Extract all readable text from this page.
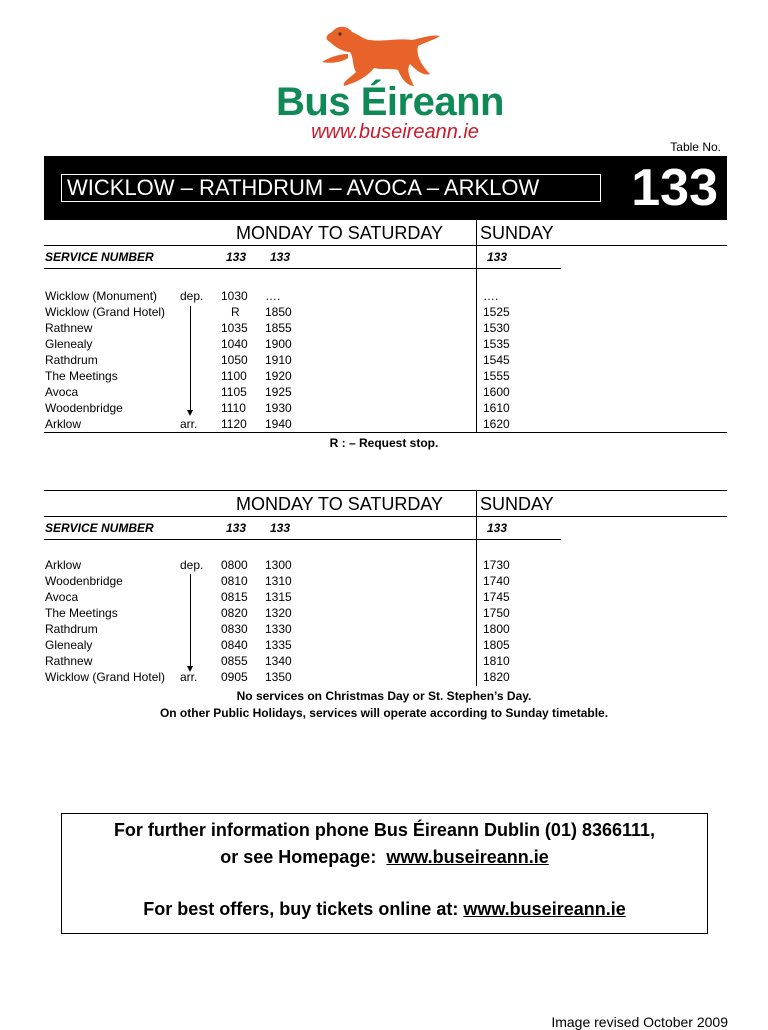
Bus Éireann
www.buseireann.ie
Table No.
WICKLOW – RATHDRUM – AVOCA – ARKLOW	133
MONDAY TO SATURDAY SUNDAY
SERVICE NUMBER	133 133	133
Wicklow (Monument) dep. 1030 ….	….
Wicklow (Grand Hotel)	R 1850	1525
Rathnew	1035 1855	1530
Glenealy	1040 1900	1535
Rathdrum	1050 1910	1545
The Meetings	1100 1920	1555
Avoca	1105 1925	1600
Woodenbridge	1110 1930	1610
Arklow	arr. 1120 1940	1620
R : – Request stop.
MONDAY TO SATURDAY SUNDAY
SERVICE NUMBER	133 133	133
Arklow	dep. 0800 1300	1730
Woodenbridge	0810 1310	1740
Avoca	0815 1315	1745
The Meetings	0820 1320	1750
Rathdrum	0830 1330	1800
Glenealy	0840 1335	1805
Rathnew	0855 1340	1810
Wicklow (Grand Hotel) arr. 0905 1350	1820
No services on Christmas Day or St. Stephen’s Day.
On other Public Holidays, services will operate according to Sunday timetable.
For further information phone Bus Éireann Dublin (01) 8366111,
or see Homepage: www.buseireann.ie
For best offers, buy tickets online at: www.buseireann.ie
Image revised October 2009
